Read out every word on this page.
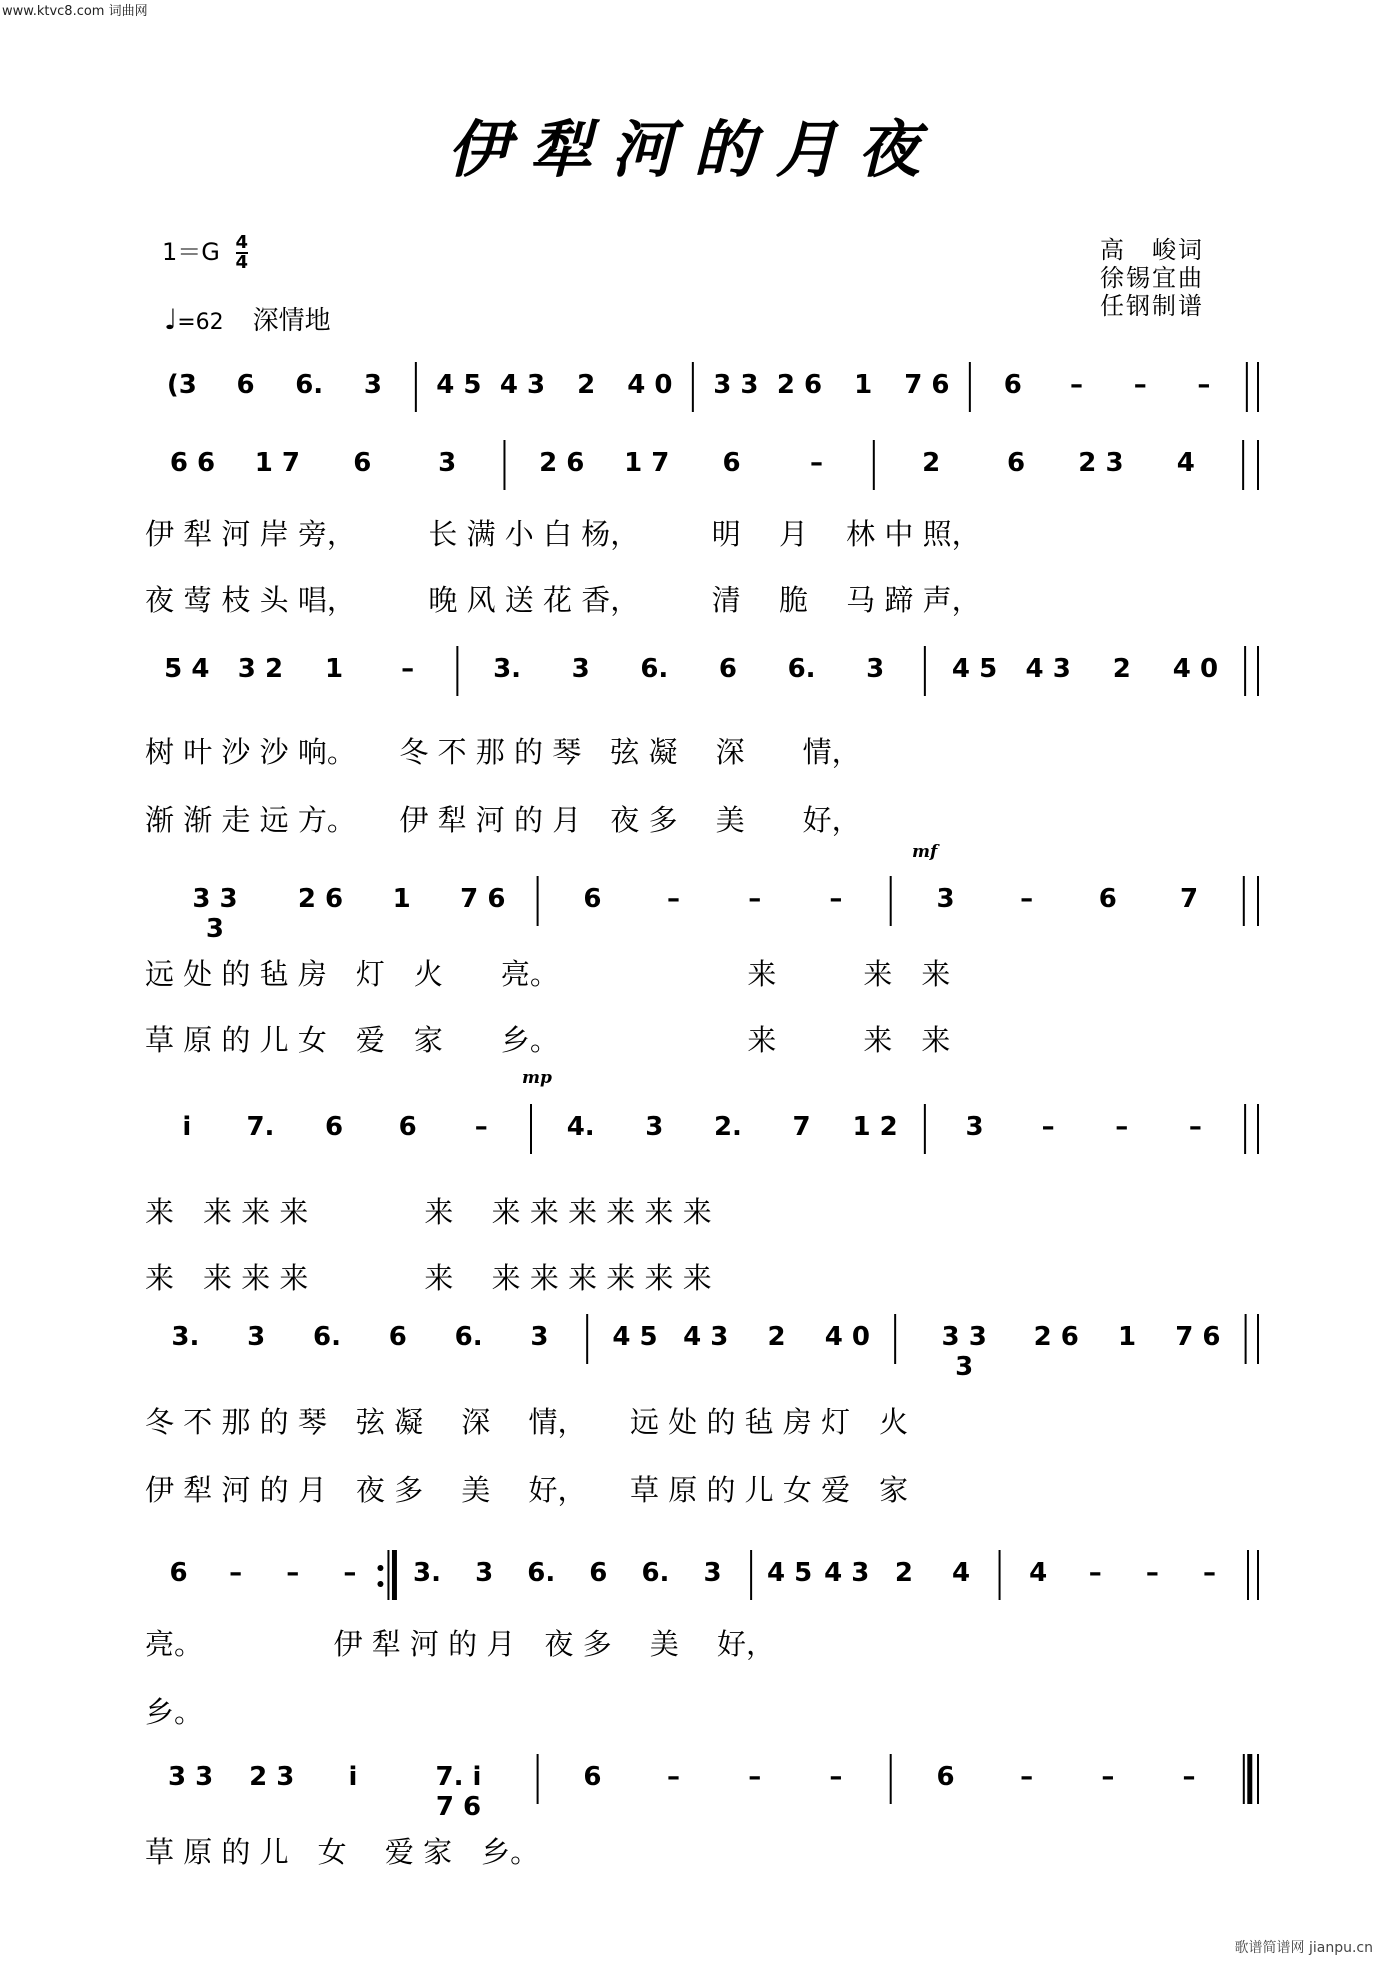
www.ktvc8.com 词曲网
伊犁河的月夜
$1=G \frac{4}{4}$
♩=62 深情地
高　峻词
徐锡宜曲
任钢制谱
mf
mp
(3	6	6.	3	4 5 4 3	2	4 0 3 3 2 6	1	7 6	6	–	–	–
6 6 1 7	6	3	2 6 1 7	6	–	2	6	2 3	4
伊 犁 河 岸 旁，　　　长 满 小 白 杨，　　　明　 月　 林 中 照，
夜 莺 枝 头 唱，　　　晚 风 送 花 香，　　　清　 脆　 马 蹄 声，
5 4 3 2	1	–	3.	3	6.	6	6.	3	4 5 4 3	2	4 0
树 叶 沙 沙 响。　　冬 不 那 的 琴　弦 凝　 深　　情，
渐 渐 走 远 方。　　伊 犁 河 的 月　夜 多　 美　　好，
3 3 3
2 6	1	7 6	6	–	–	–	3	–	6	7
远 处 的 毡 房　灯　火　　亮。　　　　　　　来　　　来　来
草 原 的 儿 女　爱　家　　乡。　　　　　　　来　　　来　来
i	7.	6	6	–	4.	3	2.	7	1 2	3	–	–	–
来　来 来 来　　　　来　 来 来 来 来 来 来
来　来 来 来　　　　来　 来 来 来 来 来 来
3.	3	6.	6	6.	3	4 5 4 3	2	4 0	3 3 3
2 6	1	7 6
冬 不 那 的 琴　弦 凝　 深　 情，　　远 处 的 毡 房 灯　火
伊 犁 河 的 月　夜 多　 美　 好，　　草 原 的 儿 女 爱　家
6	–	–	–	3.	3	6.	6	6.	3	4 5 4 3 2	4	4	–	–	–
亮。　　　　　伊 犁 河 的 月　夜 多　 美　 好，
乡。
3 3 2 3	i	7. i 7 6
6	–	–	–	6	–	–	–
草 原 的 儿　女　 爱 家　乡。
歌谱简谱网 jianpu.cn
